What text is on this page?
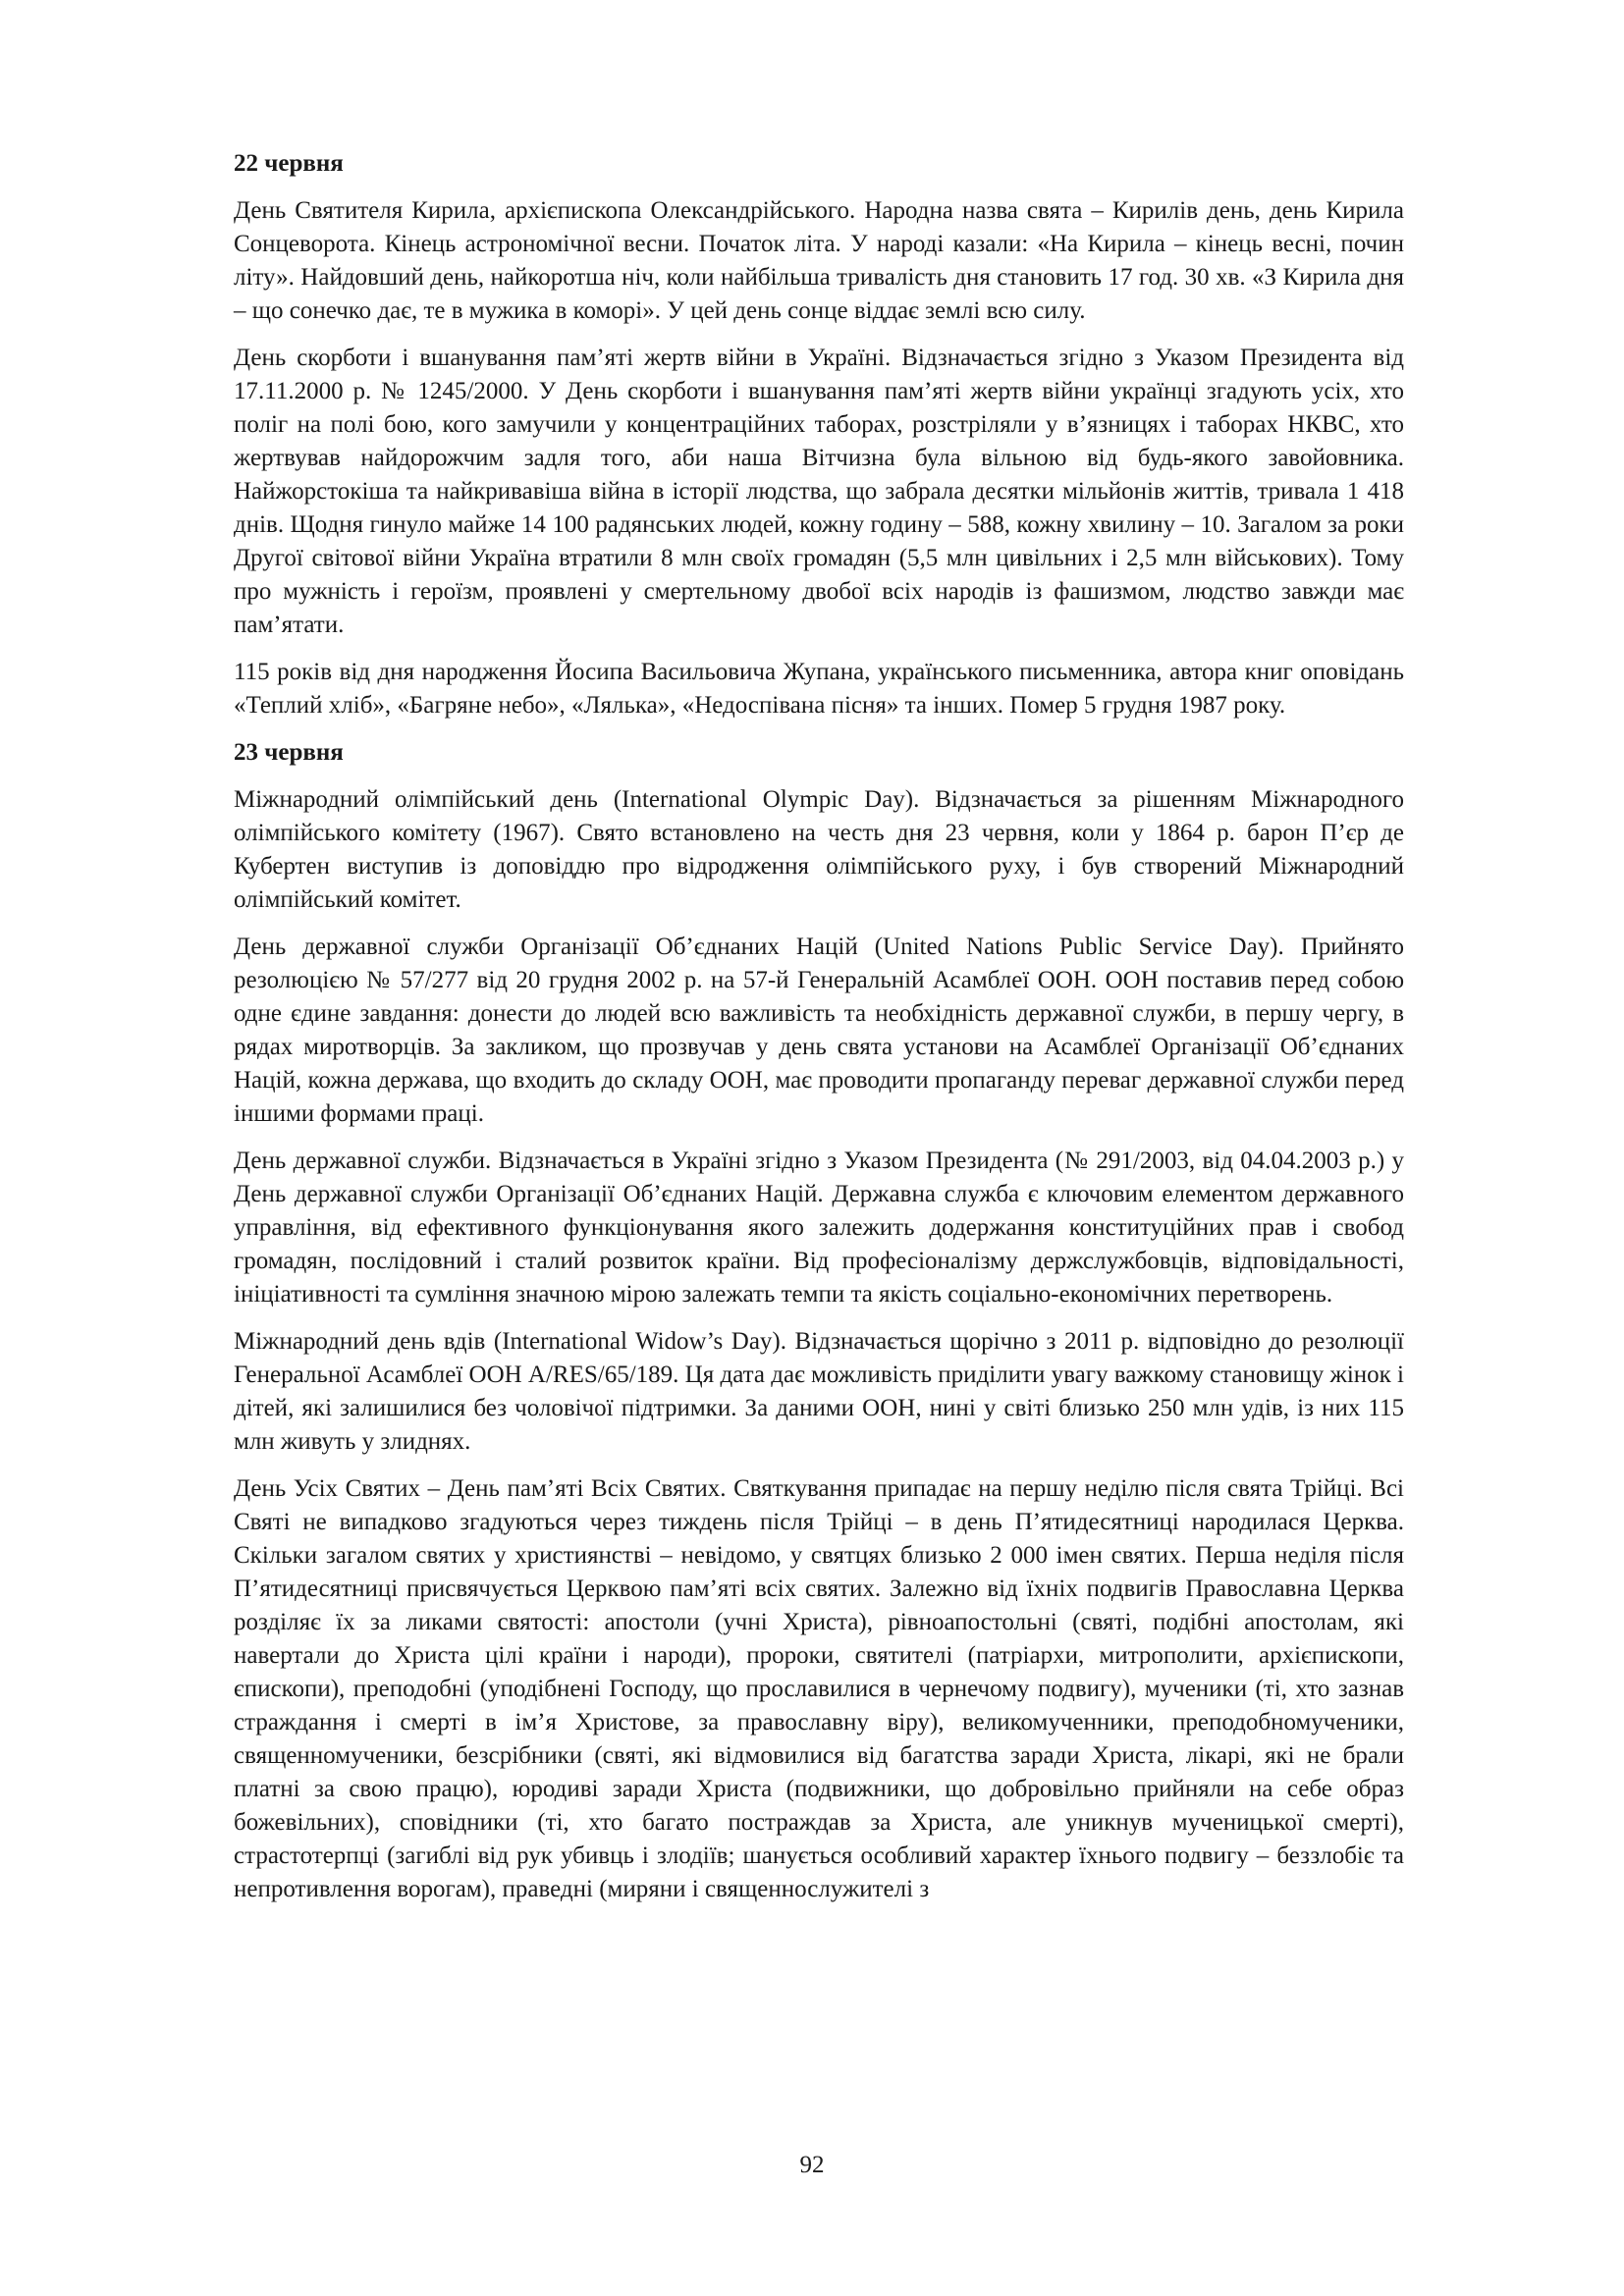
22 червня

День Святителя Кирила, архієпископа Олександрійського. Народна назва свята – Кирилів день, день Кирила Сонцеворота. Кінець астрономічної весни. Початок літа. У народі казали: «На Кирила – кінець весні, почин літу». Найдовший день, найкоротша ніч, коли найбільша тривалість дня становить 17 год. 30 хв. «З Кирила дня – що сонечко дає, те в мужика в коморі». У цей день сонце віддає землі всю силу.

День скорботи і вшанування пам’яті жертв війни в Україні. Відзначається згідно з Указом Президента від 17.11.2000 р. № 1245/2000. У День скорботи і вшанування пам’яті жертв війни українці згадують усіх, хто поліг на полі бою, кого замучили у концентраційних таборах, розстріляли у в’язницях і таборах НКВС, хто жертвував найдорожчим задля того, аби наша Вітчизна була вільною від будь-якого завойовника. Найжорстокіша та найкривавіша війна в історії людства, що забрала десятки мільйонів життів, тривала 1 418 днів. Щодня гинуло майже 14 100 радянських людей, кожну годину – 588, кожну хвилину – 10. Загалом за роки Другої світової війни Україна втратили 8 млн своїх громадян (5,5 млн цивільних і 2,5 млн військових). Тому про мужність і героїзм, проявлені у смертельному двобої всіх народів із фашизмом, людство завжди має пам’ятати.

115 років від дня народження Йосипа Васильовича Жупана, українського письменника, автора книг оповідань «Теплий хліб», «Багряне небо», «Лялька», «Недоспівана пісня» та інших. Помер 5 грудня 1987 року.

23 червня

Міжнародний олімпійський день (International Olympic Day). Відзначається за рішенням Міжнародного олімпійського комітету (1967). Свято встановлено на честь дня 23 червня, коли у 1864 р. барон П’єр де Кубертен виступив із доповіддю про відродження олімпійського руху, і був створений Міжнародний олімпійський комітет.

День державної служби Організації Об’єднаних Націй (United Nations Public Service Day). Прийнято резолюцією № 57/277 від 20 грудня 2002 р. на 57-й Генеральній Асамблеї ООН. ООН поставив перед собою одне єдине завдання: донести до людей всю важливість та необхідність державної служби, в першу чергу, в рядах миротворців. За закликом, що прозвучав у день свята установи на Асамблеї Організації Об’єднаних Націй, кожна держава, що входить до складу ООН, має проводити пропаганду переваг державної служби перед іншими формами праці.

День державної служби. Відзначається в Україні згідно з Указом Президента (№ 291/2003, від 04.04.2003 р.) у День державної служби Організації Об’єднаних Націй. Державна служба є ключовим елементом державного управління, від ефективного функціонування якого залежить додержання конституційних прав і свобод громадян, послідовний і сталий розвиток країни. Від професіоналізму держслужбовців, відповідальності, ініціативності та сумління значною мірою залежать темпи та якість соціально-економічних перетворень.

Міжнародний день вдів (International Widow’s Day). Відзначається щорічно з 2011 р. відповідно до резолюції Генеральної Асамблеї ООН A/RES/65/189. Ця дата дає можливість приділити увагу важкому становищу жінок і дітей, які залишилися без чоловічої підтримки. За даними ООН, нині у світі близько 250 млн удів, із них 115 млн живуть у злиднях.

День Усіх Святих – День пам’яті Всіх Святих. Святкування припадає на першу неділю після свята Трійці. Всі Святі не випадково згадуються через тиждень після Трійці – в день П’ятидесятниці народилася Церква. Скільки загалом святих у християнстві – невідомо, у святцях близько 2 000 імен святих. Перша неділя після П’ятидесятниці присвячується Церквою пам’яті всіх святих. Залежно від їхніх подвигів Православна Церква розділяє їх за ликами святості: апостоли (учні Христа), рівноапостольні (святі, подібні апостолам, які навертали до Христа цілі країни і народи), пророки, святителі (патріархи, митрополити, архієпископи, єпископи), преподобні (уподібнені Господу, що прославилися в чернечому подвигу), мученики (ті, хто зазнав страждання і смерті в ім’я Христове, за православну віру), великомученники, преподобномученики, священномученики, безсрібники (святі, які відмовилися від багатства заради Христа, лікарі, які не брали платні за свою працю), юродиві заради Христа (подвижники, що добровільно прийняли на себе образ божевільних), сповідники (ті, хто багато постраждав за Христа, але уникнув мученицької смерті), страстотерпці (загиблі від рук убивць і злодіїв; шанується особливий характер їхнього подвигу – беззлобіє та непротивлення ворогам), праведні (миряни і священнослужителі з

92
